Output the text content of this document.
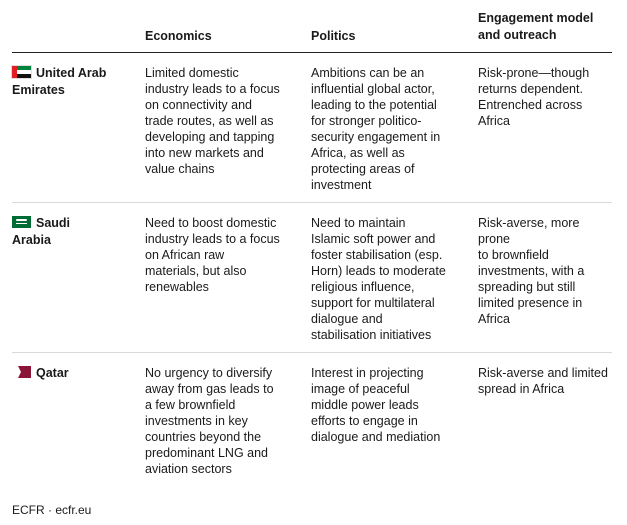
Economics	Politics
Engagement model
and outreach
United Arab
Emirates
Limited domestic
industry leads to a focus
on connectivity and
trade routes, as well as
developing and tapping
into new markets and
value chains
Ambitions can be an
influential global actor,
leading to the potential
for stronger politico-
security engagement in
Africa, as well as
protecting areas of
investment
Risk-prone—though
returns dependent.
Entrenched across
Africa
Saudi
Arabia
Need to boost domestic
industry leads to a focus
on African raw
materials, but also
renewables
Need to maintain
Islamic soft power and
foster stabilisation (esp.
Horn) leads to moderate
religious influence,
support for multilateral
dialogue and
stabilisation initiatives
Risk-averse, more prone
to brownfield
investments, with a
spreading but still
limited presence in
Africa
Qatar	No urgency to diversify
away from gas leads to
a few brownfield
investments in key
countries beyond the
predominant LNG and
aviation sectors
Interest in projecting
image of peaceful
middle power leads
efforts to engage in
dialogue and mediation
Risk-averse and limited
spread in Africa
ECFR · ecfr.eu
